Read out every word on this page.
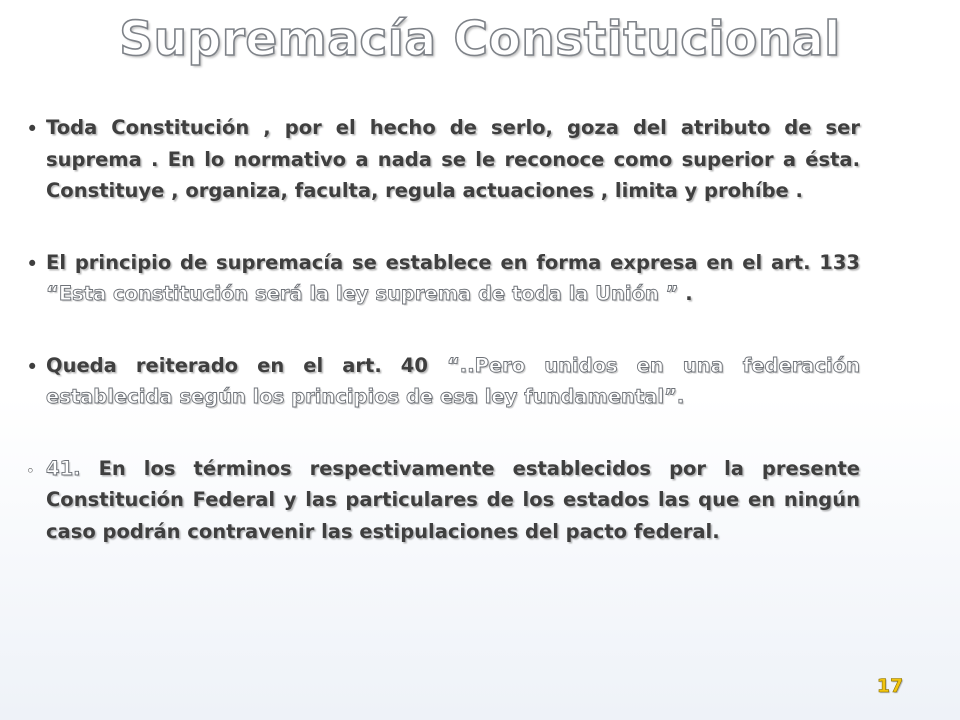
Supremacía Constitucional
• Toda Constitución , por el hecho de serlo, goza del atributo de ser suprema . En lo normativo a nada se le reconoce como superior a ésta. Constituye , organiza, faculta, regula actuaciones , limita y prohíbe .
• El principio de supremacía se establece en forma expresa en el art. 133 “Esta constitución será la ley suprema de toda la Unión ” .
• Queda reiterado en el art. 40 “..Pero unidos en una federación establecida según los principios de esa ley fundamental”.
◦ 41. En los términos respectivamente establecidos por la presente Constitución Federal y las particulares de los estados las que en ningún caso podrán contravenir las estipulaciones del pacto federal.
17
